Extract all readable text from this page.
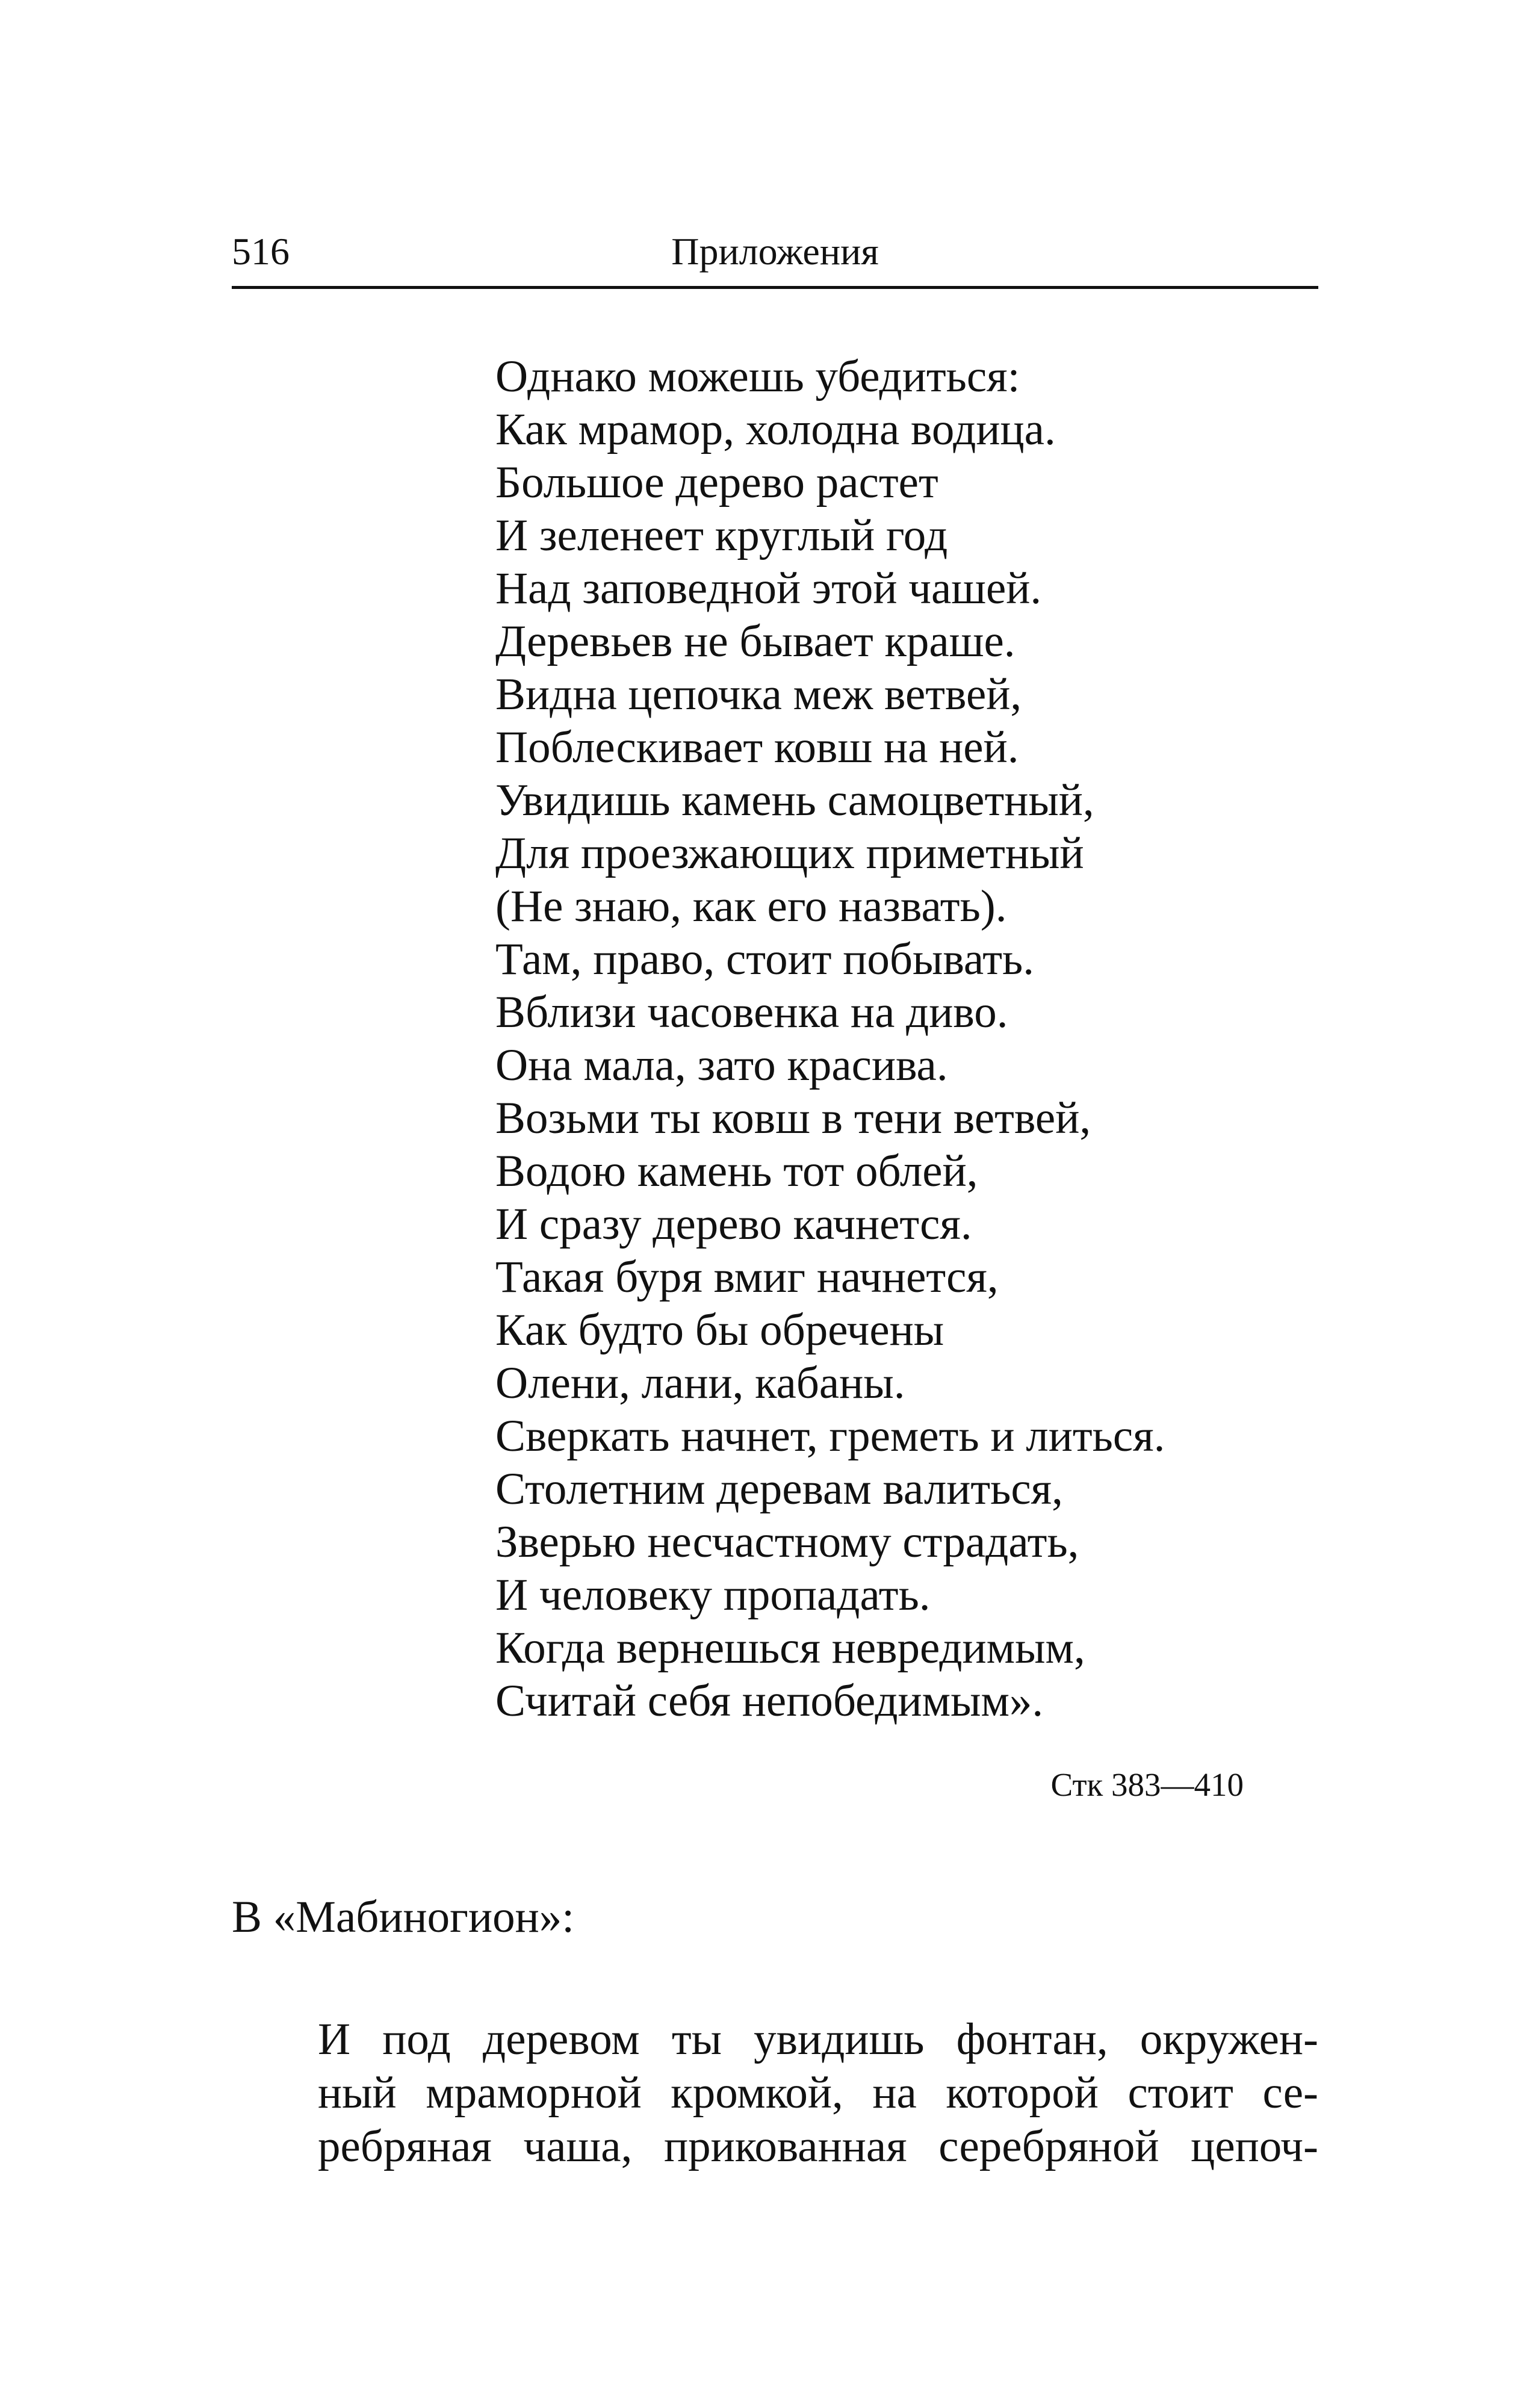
516	Приложения
Однако можешь убедиться:
Как мрамор, холодна водица.
Большое дерево растет
И зеленеет круглый год
Над заповедной этой чашей.
Деревьев не бывает краше.
Видна цепочка меж ветвей,
Поблескивает ковш на ней.
Увидишь камень самоцветный,
Для проезжающих приметный
(Не знаю, как его назвать).
Там, право, стоит побывать.
Вблизи часовенка на диво.
Она мала, зато красива.
Возьми ты ковш в тени ветвей,
Водою камень тот облей,
И сразу дерево качнется.
Такая буря вмиг начнется,
Как будто бы обречены
Олени, лани, кабаны.
Сверкать начнет, греметь и литься.
Столетним деревам валиться,
Зверью несчастному страдать,
И человеку пропадать.
Когда вернешься невредимым,
Считай себя непобедимым».
Стк 383—410
В «Мабиногион»:
И под деревом ты увидишь фонтан, окружен-
ный мраморной кромкой, на которой стоит се-
ребряная чаша, прикованная серебряной цепоч-
